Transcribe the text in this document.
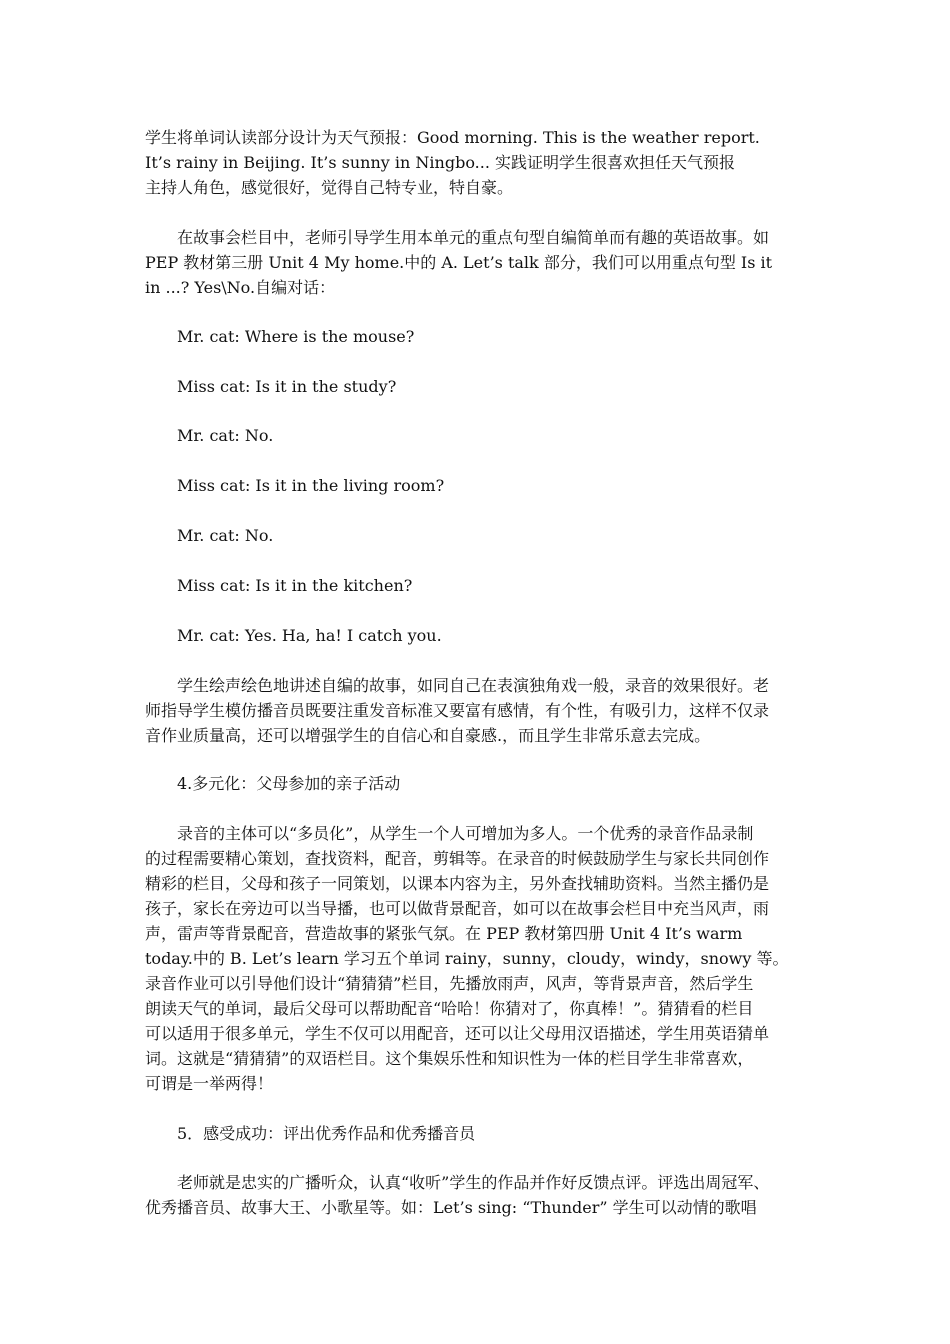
学生将单词认读部分设计为天气预报：Good morning. This is the weather report.
It’s rainy in Beijing. It’s sunny in Ningbo... 实践证明学生很喜欢担任天气预报
主持人角色，感觉很好，觉得自己特专业，特自豪。
在故事会栏目中，老师引导学生用本单元的重点句型自编简单而有趣的英语故事。如
PEP 教材第三册 Unit 4 My home.中的 A. Let’s talk 部分，我们可以用重点句型 Is it
in ...? Yes\No.自编对话：
Mr. cat: Where is the mouse?
Miss cat: Is it in the study?
Mr. cat: No.
Miss cat: Is it in the living room?
Mr. cat: No.
Miss cat: Is it in the kitchen?
Mr. cat: Yes. Ha, ha! I catch you.
学生绘声绘色地讲述自编的故事，如同自己在表演独角戏一般，录音的效果很好。老
师指导学生模仿播音员既要注重发音标准又要富有感情，有个性，有吸引力，这样不仅录
音作业质量高，还可以增强学生的自信心和自豪感.，而且学生非常乐意去完成。
4.多元化：父母参加的亲子活动
录音的主体可以“多员化”，从学生一个人可增加为多人。一个优秀的录音作品录制
的过程需要精心策划，查找资料，配音，剪辑等。在录音的时候鼓励学生与家长共同创作
精彩的栏目，父母和孩子一同策划，以课本内容为主，另外查找辅助资料。当然主播仍是
孩子，家长在旁边可以当导播，也可以做背景配音，如可以在故事会栏目中充当风声，雨
声，雷声等背景配音，营造故事的紧张气氛。在 PEP 教材第四册 Unit 4 It’s warm
today.中的 B. Let’s learn 学习五个单词 rainy，sunny，cloudy，windy，snowy 等。
录音作业可以引导他们设计“猜猜猜”栏目，先播放雨声，风声，等背景声音，然后学生
朗读天气的单词，最后父母可以帮助配音“哈哈！你猜对了，你真棒！”。猜猜看的栏目
可以适用于很多单元，学生不仅可以用配音，还可以让父母用汉语描述，学生用英语猜单
词。这就是“猜猜猜”的双语栏目。这个集娱乐性和知识性为一体的栏目学生非常喜欢，
可谓是一举两得！
5．感受成功：评出优秀作品和优秀播音员
老师就是忠实的广播听众，认真“收听”学生的作品并作好反馈点评。评选出周冠军、
优秀播音员、故事大王、小歌星等。如：Let’s sing: “Thunder” 学生可以动情的歌唱
